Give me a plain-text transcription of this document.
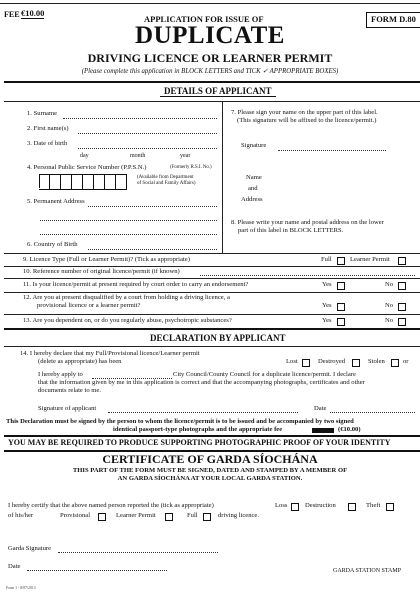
FEE €10.00
APPLICATION FOR ISSUE OF	FORM D.80
DUPLICATE
DRIVING LICENCE OR LEARNER PERMIT
(Please complete this application in BLOCK LETTERS and TICK ✓ APPROPRIATE BOXES)
DETAILS OF APPLICANT
1. Surname
2. First name(s)
3. Date of birth
day	month	year
4. Personal Public Service Number (P.P.S.N.)	(Formerly R.S.I. No.)
(Available from Department
of Social and Family Affairs)
5. Permanent Address
6. Country of Birth
7. Please sign your name on the upper part of this label.
(This signature will be affixed to the licence/permit.)
Signature
Name
and
Address
8. Please write your name and postal address on the lower
part of this label in BLOCK LETTERS.
9. Licence Type (Full or Learner Permit)? (Tick as appropriate)	Full	Learner Permit
10. Reference number of original licence/permit (if known)
11. Is your licence/permit at present required by court order to carry an endorsement?	Yes	No
12. Are you at present disqualified by a court from holding a driving licence, a
provisional licence or a learner permit?	Yes	No
13. Are you dependent on, or do you regularly abuse, psychotropic substances?	Yes	No
DECLARATION BY APPLICANT
14. I hereby declare that my Full/Provisional licence/Learner permit
(delete as appropriate) has been	Lost	Destroyed	Stolen	or
I hereby apply to	City Council/County Council for a duplicate licence/permit. I declare
that the information given by me in this application is correct and that the accompanying photographs, certificates and other
documents relate to me.
Signature of applicant	Date
This Declaration must be signed by the person to whom the licence/permit is to be issued and be accompanied by two signed
identical passport-type photographs and the appropriate fee	(€10.00)
YOU MAY BE REQUIRED TO PRODUCE SUPPORTING PHOTOGRAPHIC PROOF OF YOUR IDENTITY
CERTIFICATE OF GARDA SÍOCHÁNA
THIS PART OF THE FORM MUST BE SIGNED, DATED AND STAMPED BY A MEMBER OF
AN GARDA SÍOCHÁNA AT YOUR LOCAL GARDA STATION.
I hereby certify that the above named person reported the (tick as appropriate)	Loss	Destruction	Theft
of his/her	Provisional	Learner Permit	Full	driving licence.
Garda Signature
Date
GARDA STATION STAMP
Form 1 - 8/07/2013
